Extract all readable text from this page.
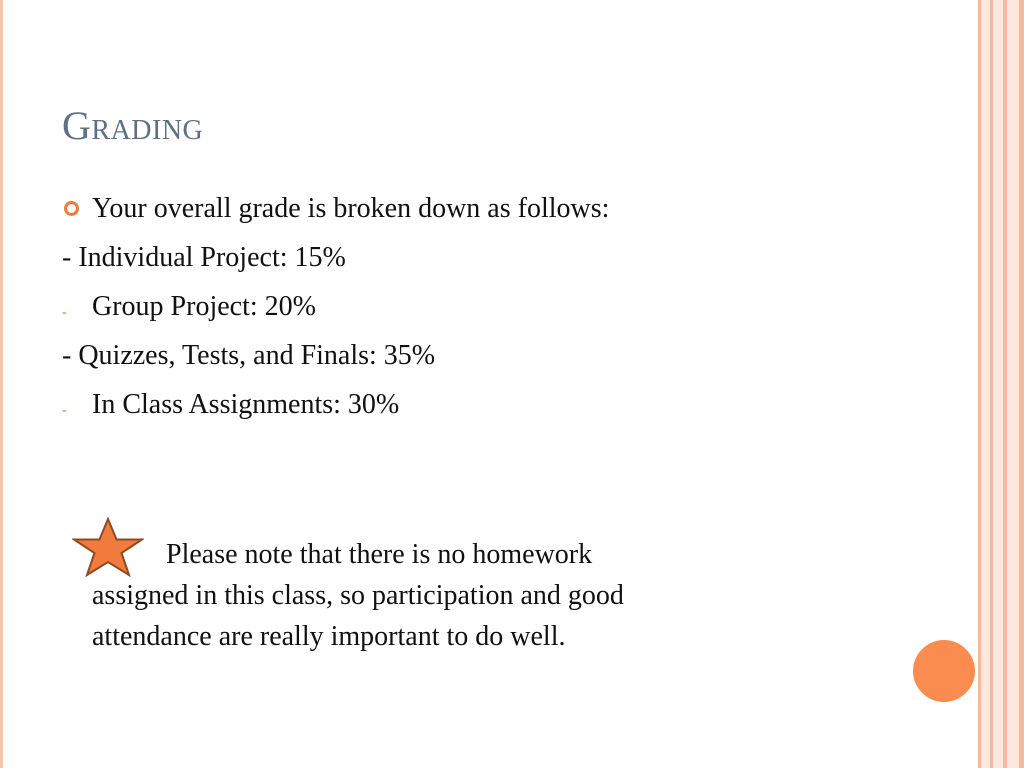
Grading
Your overall grade is broken down as follows:
- Individual Project: 15%
- Group Project: 20%
- Quizzes, Tests, and Finals: 35%
- In Class Assignments: 30%
Please note that there is no homework
assigned in this class, so participation and good
attendance are really important to do well.
